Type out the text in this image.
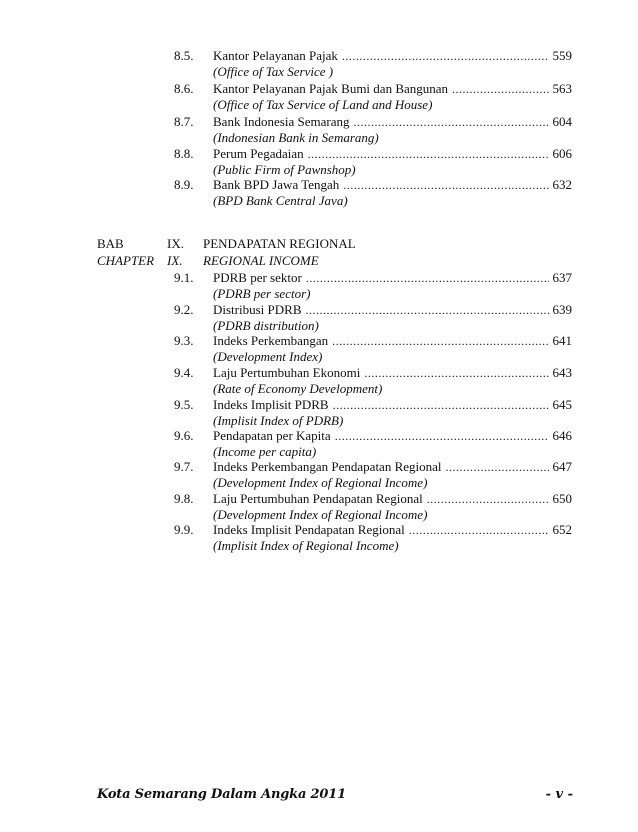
8.5. Kantor Pelayanan Pajak .....	559
(Office of Tax Service )
8.6. Kantor Pelayanan Pajak Bumi dan Bangunan .....	563
(Office of Tax Service of Land and House)
8.7. Bank Indonesia Semarang .....	604
(Indonesian Bank in Semarang)
8.8. Perum Pegadaian .....	606
(Public Firm of Pawnshop)
8.9. Bank BPD Jawa Tengah .....	632
(BPD Bank Central Java)
BAB	IX. PENDAPATAN REGIONAL
CHAPTER IX. REGIONAL INCOME
9.1. PDRB per sektor .....	637
(PDRB per sector)
9.2. Distribusi PDRB .....	639
(PDRB distribution)
9.3. Indeks Perkembangan .....	641
(Development Index)
9.4. Laju Pertumbuhan Ekonomi .....	643
(Rate of Economy Development)
9.5. Indeks Implisit PDRB .....	645
(Implisit Index of PDRB)
9.6. Pendapatan per Kapita .....	646
(Income per capita)
9.7. Indeks Perkembangan Pendapatan Regional .....	647
(Development Index of Regional Income)
9.8. Laju Pertumbuhan Pendapatan Regional .....	650
(Development Index of Regional Income)
9.9. Indeks Implisit Pendapatan Regional .....	652
(Implisit Index of Regional Income)
Kota Semarang Dalam Angka 2011	- v -
